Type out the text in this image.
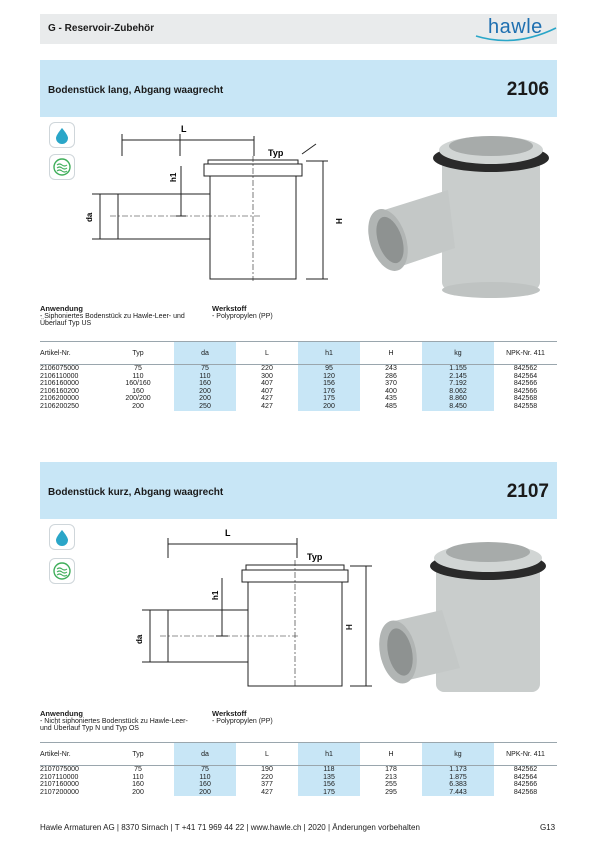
G - Reservoir-Zubehör	hawle
Bodenstück lang, Abgang waagrecht	2106
L
Typ
h1
da	H
Anwendung
- Siphoniertes Bodenstück zu Hawle-Leer- und
Überlauf Typ US
Werkstoff
- Polypropylen (PP)
Artikel-Nr.	Typ	da	L	h1	H	kg	NPK-Nr. 411
2106075000	75	75	220	95	243	1.155	842562
2106110000	110	110	300	120	286	2.145	842564
2106160000	160/160	160	407	156	370	7.192	842566
2106160200	160	200	407	176	400	8.062	842566
2106200000	200/200	200	427	175	435	8.860	842568
2106200250	200	250	427	200	485	8.450	842558
Bodenstück kurz, Abgang waagrecht	2107
L
Typ
h1
da
H
Anwendung
- Nicht siphoniertes Bodenstück zu Hawle-Leer-
und Überlauf Typ N und Typ OS
Werkstoff
- Polypropylen (PP)
Artikel-Nr.	Typ	da	L	h1	H	kg	NPK-Nr. 411
2107075000	75	75	190	118	178	1.173	842562
2107110000	110	110	220	135	213	1.875	842564
2107160000	160	160	377	156	255	6.383	842566
2107200000	200	200	427	175	295	7.443	842568
Hawle Armaturen AG | 8370 Sirnach | T +41 71 969 44 22 | www.hawle.ch | 2020 | Änderungen vorbehalten	G13
